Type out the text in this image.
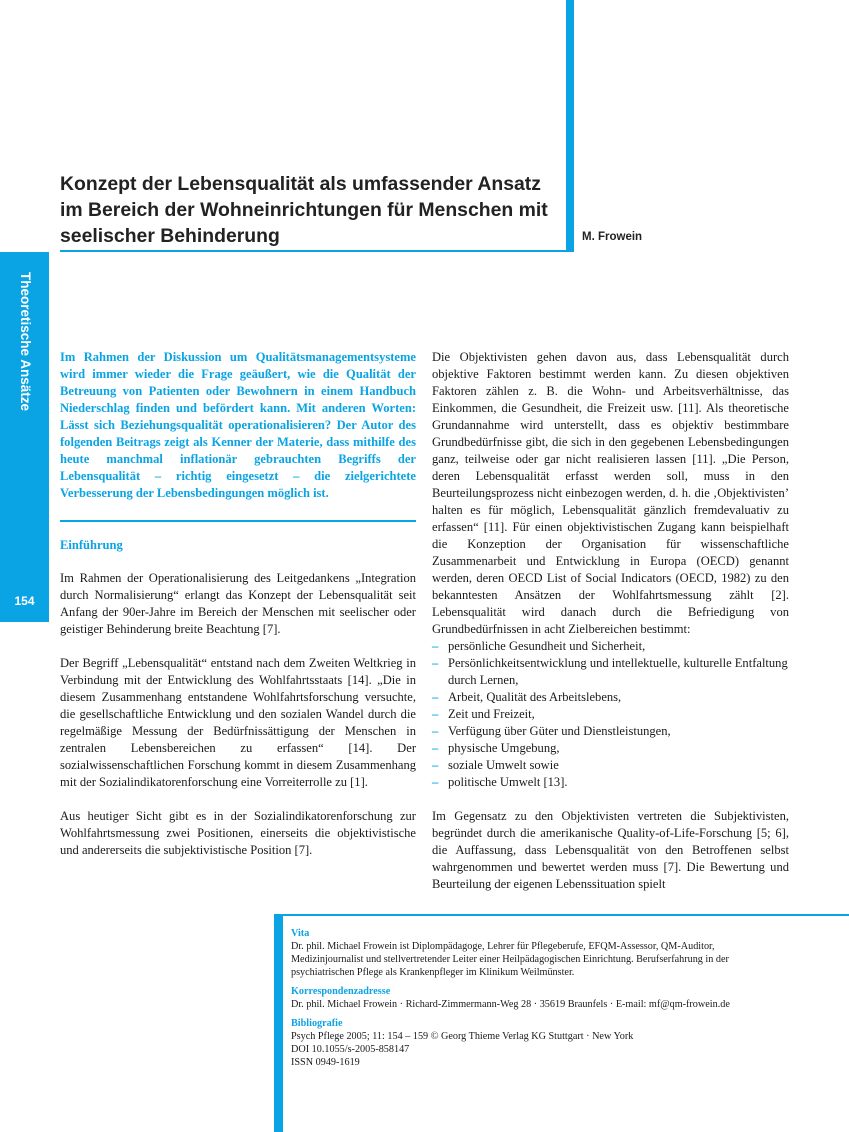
Theoretische Ansätze
154
Konzept der Lebensqualität als umfassender Ansatz im Bereich der Wohneinrichtungen für Menschen mit seelischer Behinderung	M. Frowein

Im Rahmen der Diskussion um Qualitätsmanagementsysteme wird immer wieder die Frage geäußert, wie die Qualität der Betreuung von Patienten oder Bewohnern in einem Handbuch Niederschlag finden und befördert kann. Mit anderen Worten: Lässt sich Beziehungsqualität operationalisieren? Der Autor des folgenden Beitrags zeigt als Kenner der Materie, dass mithilfe des heute manchmal inflationär gebrauchten Begriffs der Lebensqualität – richtig eingesetzt – die zielgerichtete Verbesserung der Lebensbedingungen möglich ist.

Einführung

Im Rahmen der Operationalisierung des Leitgedankens „Integration durch Normalisierung“ erlangt das Konzept der Lebensqualität seit Anfang der 90er-Jahre im Bereich der Menschen mit seelischer oder geistiger Behinderung breite Beachtung [7].

Der Begriff „Lebensqualität“ entstand nach dem Zweiten Weltkrieg in Verbindung mit der Entwicklung des Wohlfahrtsstaats [14]. „Die in diesem Zusammenhang entstandene Wohlfahrtsforschung versuchte, die gesellschaftliche Entwicklung und den sozialen Wandel durch die regelmäßige Messung der Bedürfnissättigung der Menschen in zentralen Lebensbereichen zu erfassen“ [14]. Der sozialwissenschaftlichen Forschung kommt in diesem Zusammenhang mit der Sozialindikatorenforschung eine Vorreiterrolle zu [1].

Aus heutiger Sicht gibt es in der Sozialindikatorenforschung zur Wohlfahrtsmessung zwei Positionen, einerseits die objektivistische und andererseits die subjektivistische Position [7].

Die Objektivisten gehen davon aus, dass Lebensqualität durch objektive Faktoren bestimmt werden kann. Zu diesen objektiven Faktoren zählen z. B. die Wohn- und Arbeitsverhältnisse, das Einkommen, die Gesundheit, die Freizeit usw. [11]. Als theoretische Grundannahme wird unterstellt, dass es objektiv bestimmbare Grundbedürfnisse gibt, die sich in den gegebenen Lebensbedingungen ganz, teilweise oder gar nicht realisieren lassen [11]. „Die Person, deren Lebensqualität erfasst werden soll, muss in den Beurteilungsprozess nicht einbezogen werden, d. h. die ‚Objektivisten’ halten es für möglich, Lebensqualität gänzlich fremdevaluativ zu erfassen“ [11]. Für einen objektivistischen Zugang kann beispielhaft die Konzeption der Organisation für wissenschaftliche Zusammenarbeit und Entwicklung in Europa (OECD) genannt werden, deren OECD List of Social Indicators (OECD, 1982) zu den bekanntesten Ansätzen der Wohlfahrtsmessung zählt [2]. Lebensqualität wird danach durch die Befriedigung von Grundbedürfnissen in acht Zielbereichen bestimmt:

– persönliche Gesundheit und Sicherheit,
– Persönlichkeitsentwicklung und intellektuelle, kulturelle Entfaltung durch Lernen,
– Arbeit, Qualität des Arbeitslebens,
– Zeit und Freizeit,
– Verfügung über Güter und Dienstleistungen,
– physische Umgebung,
– soziale Umwelt sowie
– politische Umwelt [13].

Im Gegensatz zu den Objektivisten vertreten die Subjektivisten, begründet durch die amerikanische Quality-of-Life-Forschung [5; 6], die Auffassung, dass Lebensqualität von den Betroffenen selbst wahrgenommen und bewertet werden muss [7]. Die Bewertung und Beurteilung der eigenen Lebenssituation spielt

Vita
Dr. phil. Michael Frowein ist Diplompädagoge, Lehrer für Pflegeberufe, EFQM-Assessor, QM-Auditor,
Medizinjournalist und stellvertretender Leiter einer Heilpädagogischen Einrichtung. Berufserfahrung in der
psychiatrischen Pflege als Krankenpfleger im Klinikum Weilmünster.
Korrespondenzadresse
Dr. phil. Michael Frowein · Richard-Zimmermann-Weg 28 · 35619 Braunfels · E-mail: mf@qm-frowein.de
Bibliografie
Psych Pflege 2005; 11: 154 – 159 © Georg Thieme Verlag KG Stuttgart · New York
DOI 10.1055/s-2005-858147
ISSN 0949-1619
